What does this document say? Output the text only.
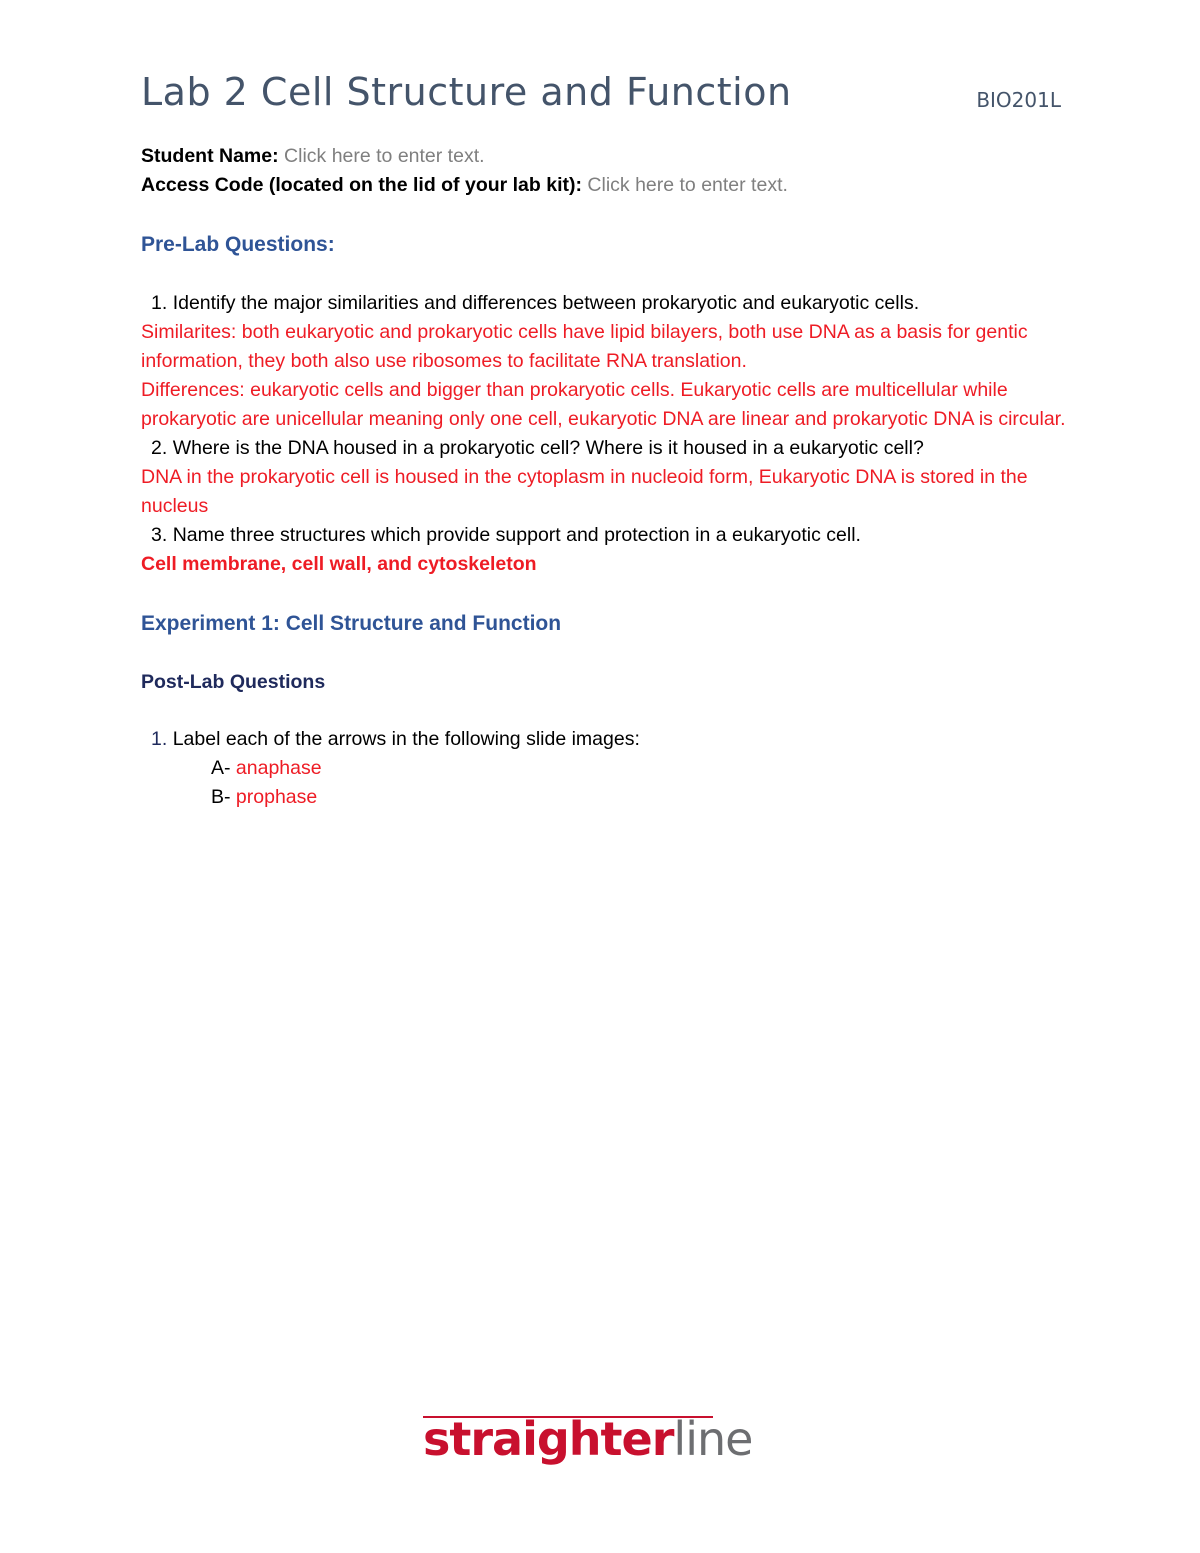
Lab 2 Cell Structure and Function	BIO201L
Student Name: Click here to enter text.
Access Code (located on the lid of your lab kit): Click here to enter text.
Pre-Lab Questions:
1. Identify the major similarities and differences between prokaryotic and eukaryotic cells.
Similarites: both eukaryotic and prokaryotic cells have lipid bilayers, both use DNA as a basis for gentic information, they both also use ribosomes to facilitate RNA translation.
Differences: eukaryotic cells and bigger than prokaryotic cells. Eukaryotic cells are multicellular while prokaryotic are unicellular meaning only one cell, eukaryotic DNA are linear and prokaryotic DNA is circular.
2. Where is the DNA housed in a prokaryotic cell? Where is it housed in a eukaryotic cell?
DNA in the prokaryotic cell is housed in the cytoplasm in nucleoid form, Eukaryotic DNA is stored in the nucleus
3. Name three structures which provide support and protection in a eukaryotic cell.
Cell membrane, cell wall, and cytoskeleton
Experiment 1: Cell Structure and Function
Post-Lab Questions
1. Label each of the arrows in the following slide images:
A- anaphase
B- prophase
straighterline
